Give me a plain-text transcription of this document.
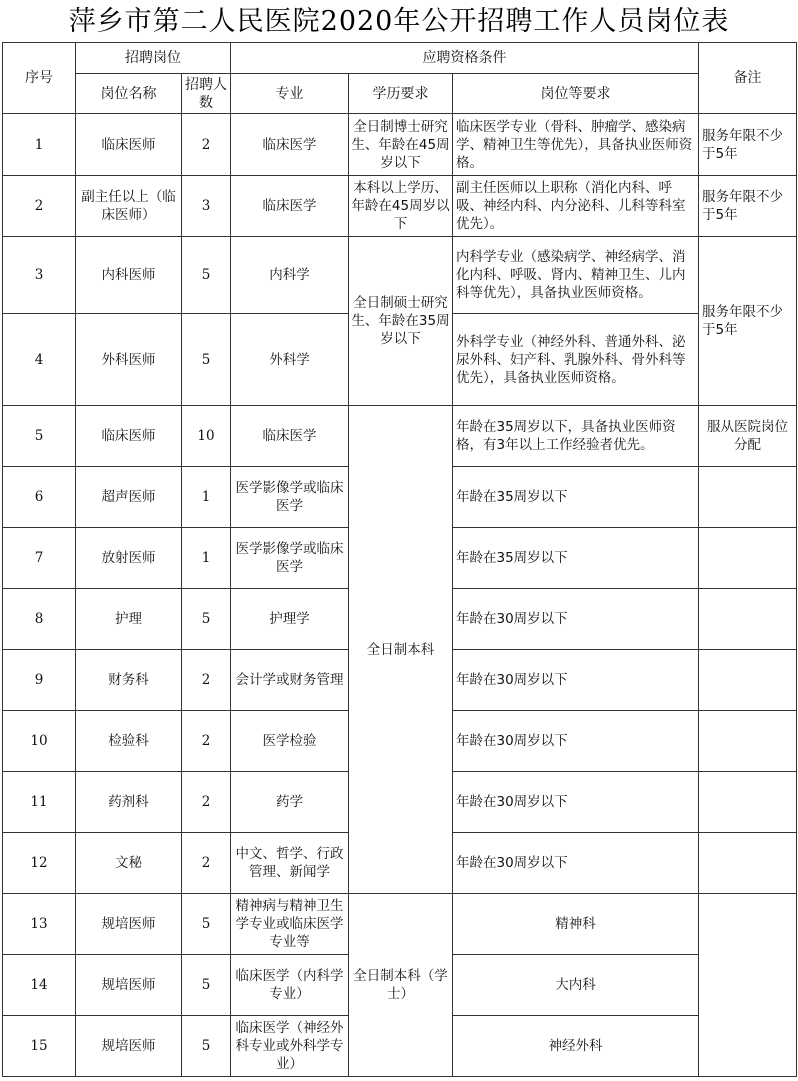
萍乡市第二人民医院2020年公开招聘工作人员岗位表
序号	招聘岗位		应聘资格条件			备注
	岗位名称	招聘人数	专业	学历要求	岗位等要求	
1	临床医师	2	临床医学	全日制博士研究生、年龄在45周岁以下	临床医学专业（骨科、肿瘤学、感染病学、精神卫生等优先），具备执业医师资格。	服务年限不少于5年
2	副主任以上（临床医师）	3	临床医学	本科以上学历、年龄在45周岁以下	副主任医师以上职称（消化内科、呼吸、神经内科、内分泌科、儿科等科室优先）。	服务年限不少于5年
3	内科医师	5	内科学	全日制硕士研究生、年龄在35周岁以下	内科学专业（感染病学、神经病学、消化内科、呼吸、肾内、精神卫生、儿内科等优先），具备执业医师资格。	服务年限不少于5年
4	外科医师	5	外科学		外科学专业（神经外科、普通外科、泌尿外科、妇产科、乳腺外科、骨外科等优先），具备执业医师资格。	
5	临床医师	10	临床医学	全日制本科	年龄在35周岁以下，具备执业医师资格，有3年以上工作经验者优先。	服从医院岗位分配
6	超声医师	1	医学影像学或临床医学		年龄在35周岁以下	
7	放射医师	1	医学影像学或临床医学		年龄在35周岁以下	
8	护理	5	护理学		年龄在30周岁以下	
9	财务科	2	会计学或财务管理		年龄在30周岁以下	
10	检验科	2	医学检验		年龄在30周岁以下	
11	药剂科	2	药学		年龄在30周岁以下	
12	文秘	2	中文、哲学、行政管理、新闻学		年龄在30周岁以下	
13	规培医师	5	精神病与精神卫生学专业或临床医学专业等	全日制本科（学士）	精神科	
14	规培医师	5	临床医学（内科学专业）		大内科	
15	规培医师	5	临床医学（神经外科专业或外科学专业）		神经外科	
